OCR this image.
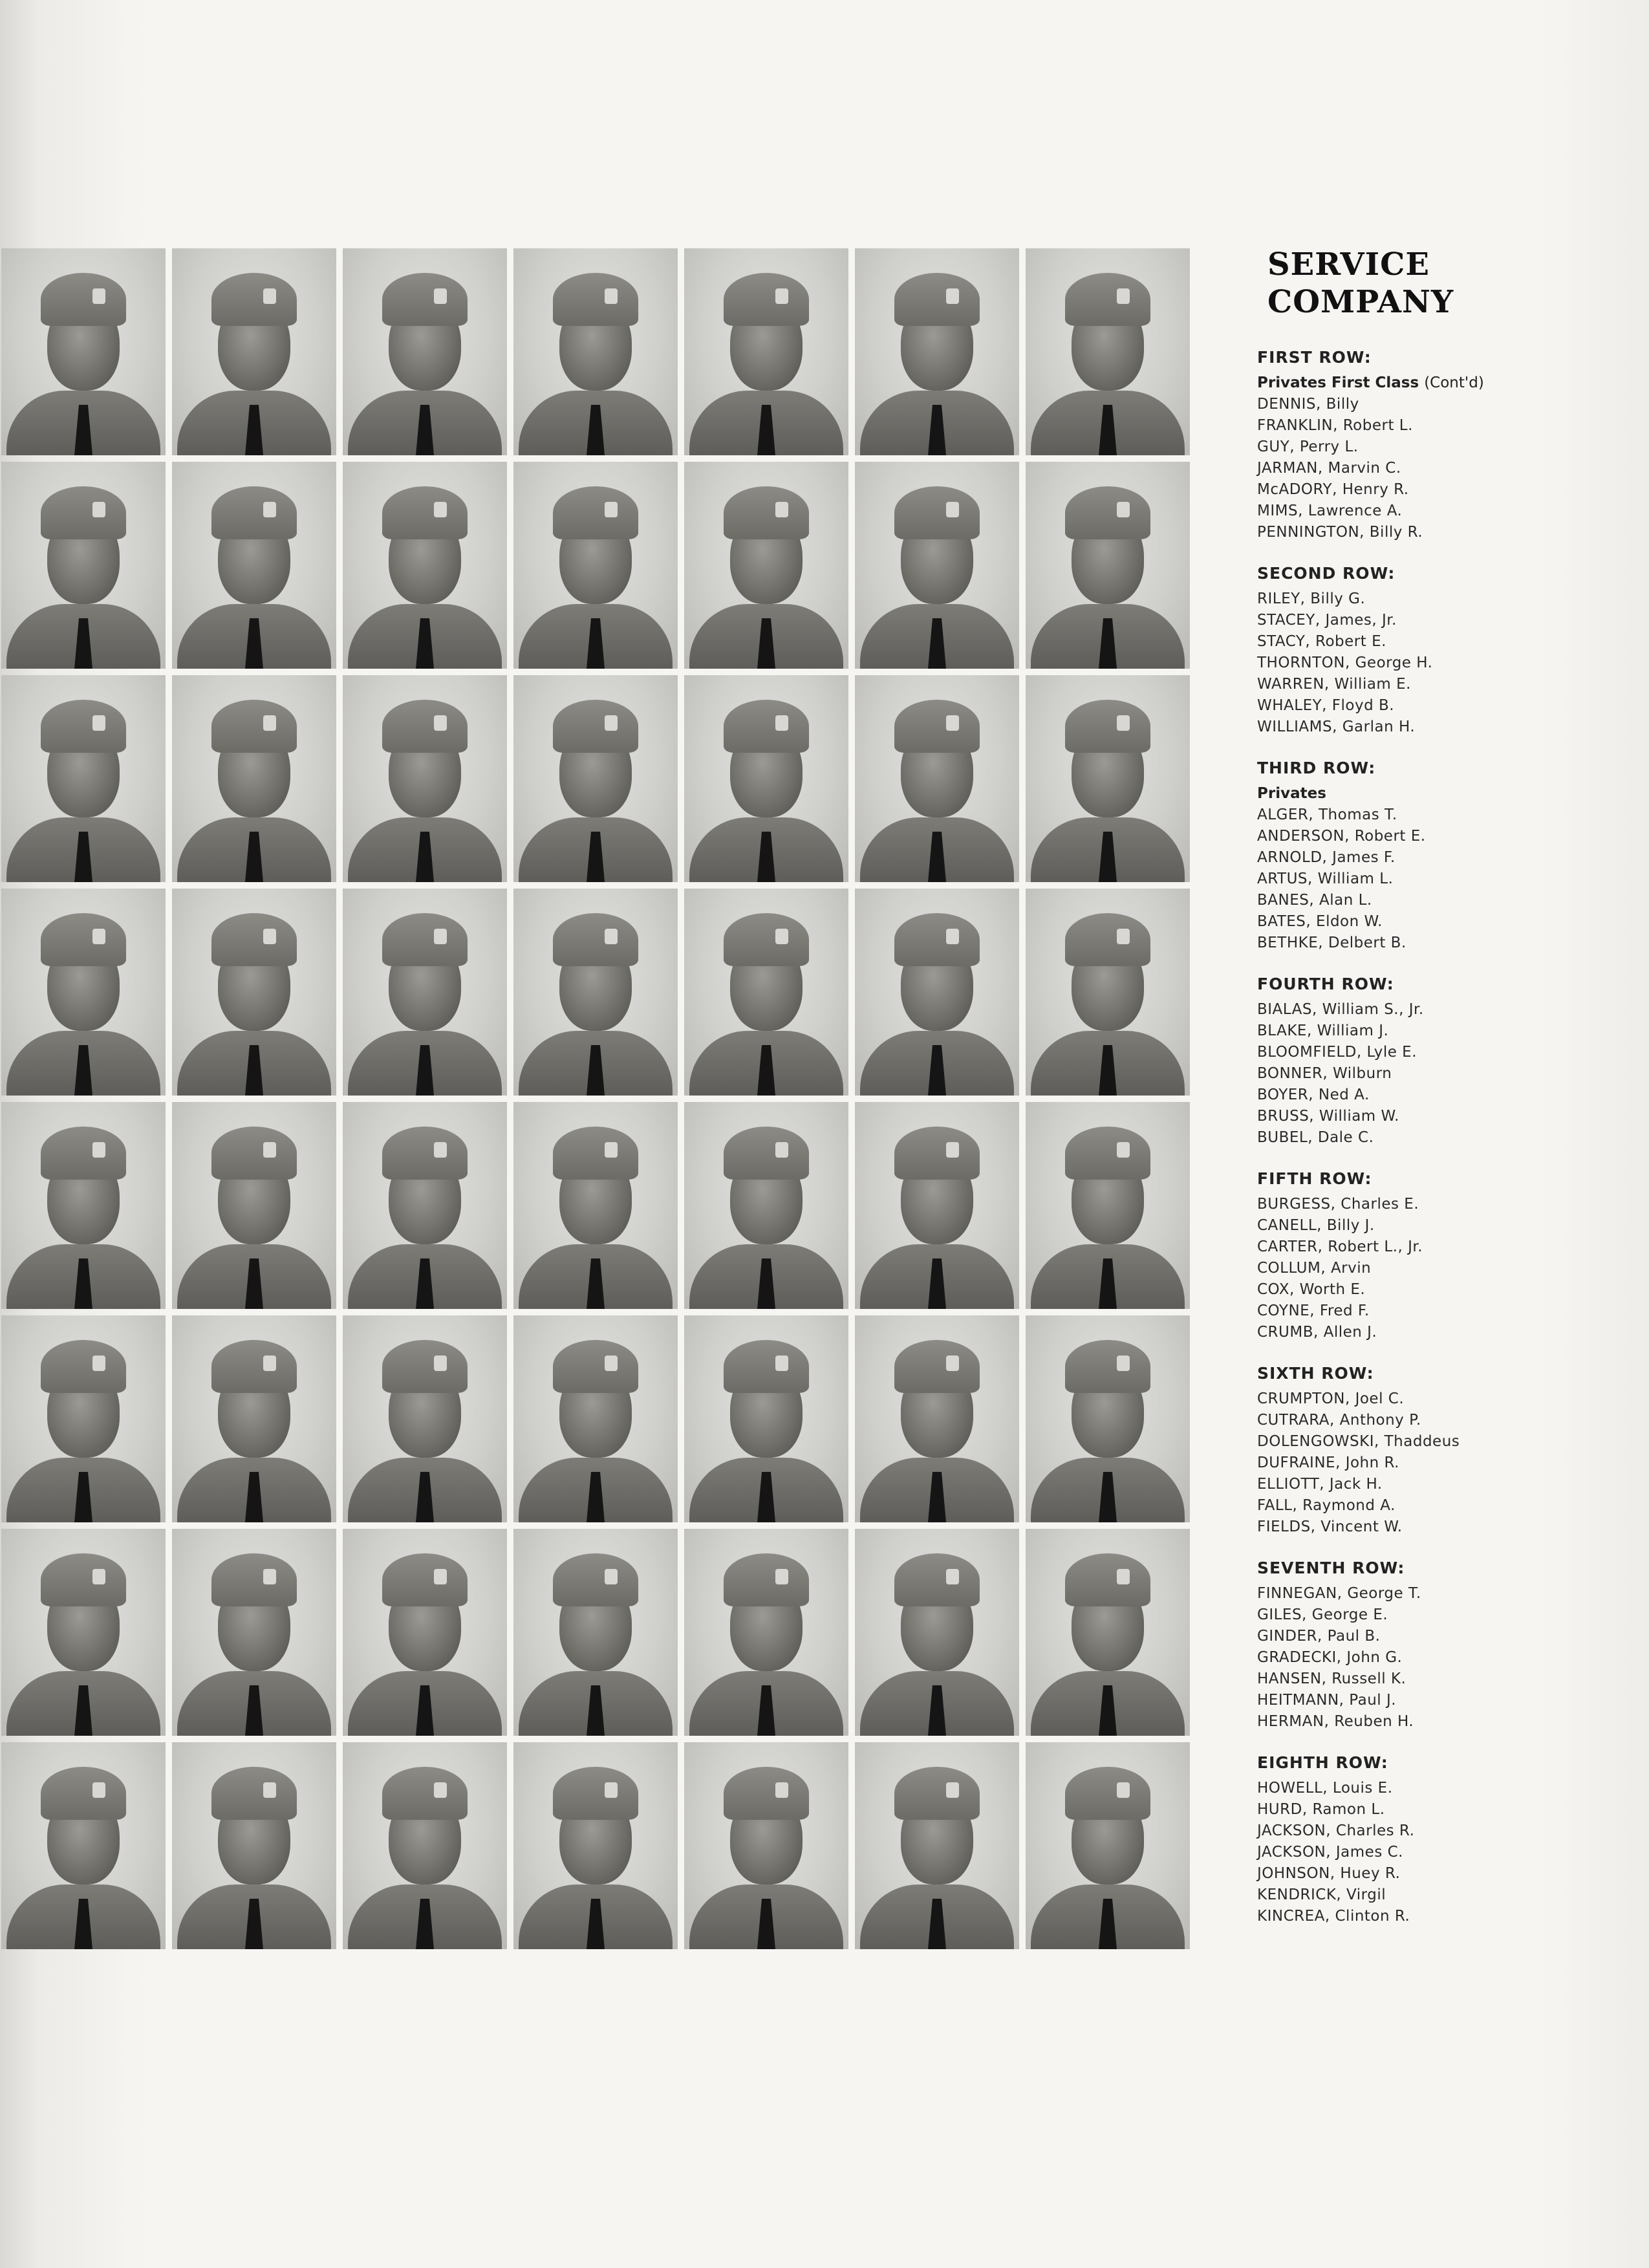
SERVICE
COMPANY
FIRST ROW:
Privates First Class (Cont'd)
DENNIS, Billy
FRANKLIN, Robert L.
GUY, Perry L.
JARMAN, Marvin C.
McADORY, Henry R.
MIMS, Lawrence A.
PENNINGTON, Billy R.
SECOND ROW:
RILEY, Billy G.
STACEY, James, Jr.
STACY, Robert E.
THORNTON, George H.
WARREN, William E.
WHALEY, Floyd B.
WILLIAMS, Garlan H.
THIRD ROW:
Privates
ALGER, Thomas T.
ANDERSON, Robert E.
ARNOLD, James F.
ARTUS, William L.
BANES, Alan L.
BATES, Eldon W.
BETHKE, Delbert B.
FOURTH ROW:
BIALAS, William S., Jr.
BLAKE, William J.
BLOOMFIELD, Lyle E.
BONNER, Wilburn
BOYER, Ned A.
BRUSS, William W.
BUBEL, Dale C.
FIFTH ROW:
BURGESS, Charles E.
CANELL, Billy J.
CARTER, Robert L., Jr.
COLLUM, Arvin
COX, Worth E.
COYNE, Fred F.
CRUMB, Allen J.
SIXTH ROW:
CRUMPTON, Joel C.
CUTRARA, Anthony P.
DOLENGOWSKI, Thaddeus
DUFRAINE, John R.
ELLIOTT, Jack H.
FALL, Raymond A.
FIELDS, Vincent W.
SEVENTH ROW:
FINNEGAN, George T.
GILES, George E.
GINDER, Paul B.
GRADECKI, John G.
HANSEN, Russell K.
HEITMANN, Paul J.
HERMAN, Reuben H.
EIGHTH ROW:
HOWELL, Louis E.
HURD, Ramon L.
JACKSON, Charles R.
JACKSON, James C.
JOHNSON, Huey R.
KENDRICK, Virgil
KINCREA, Clinton R.
